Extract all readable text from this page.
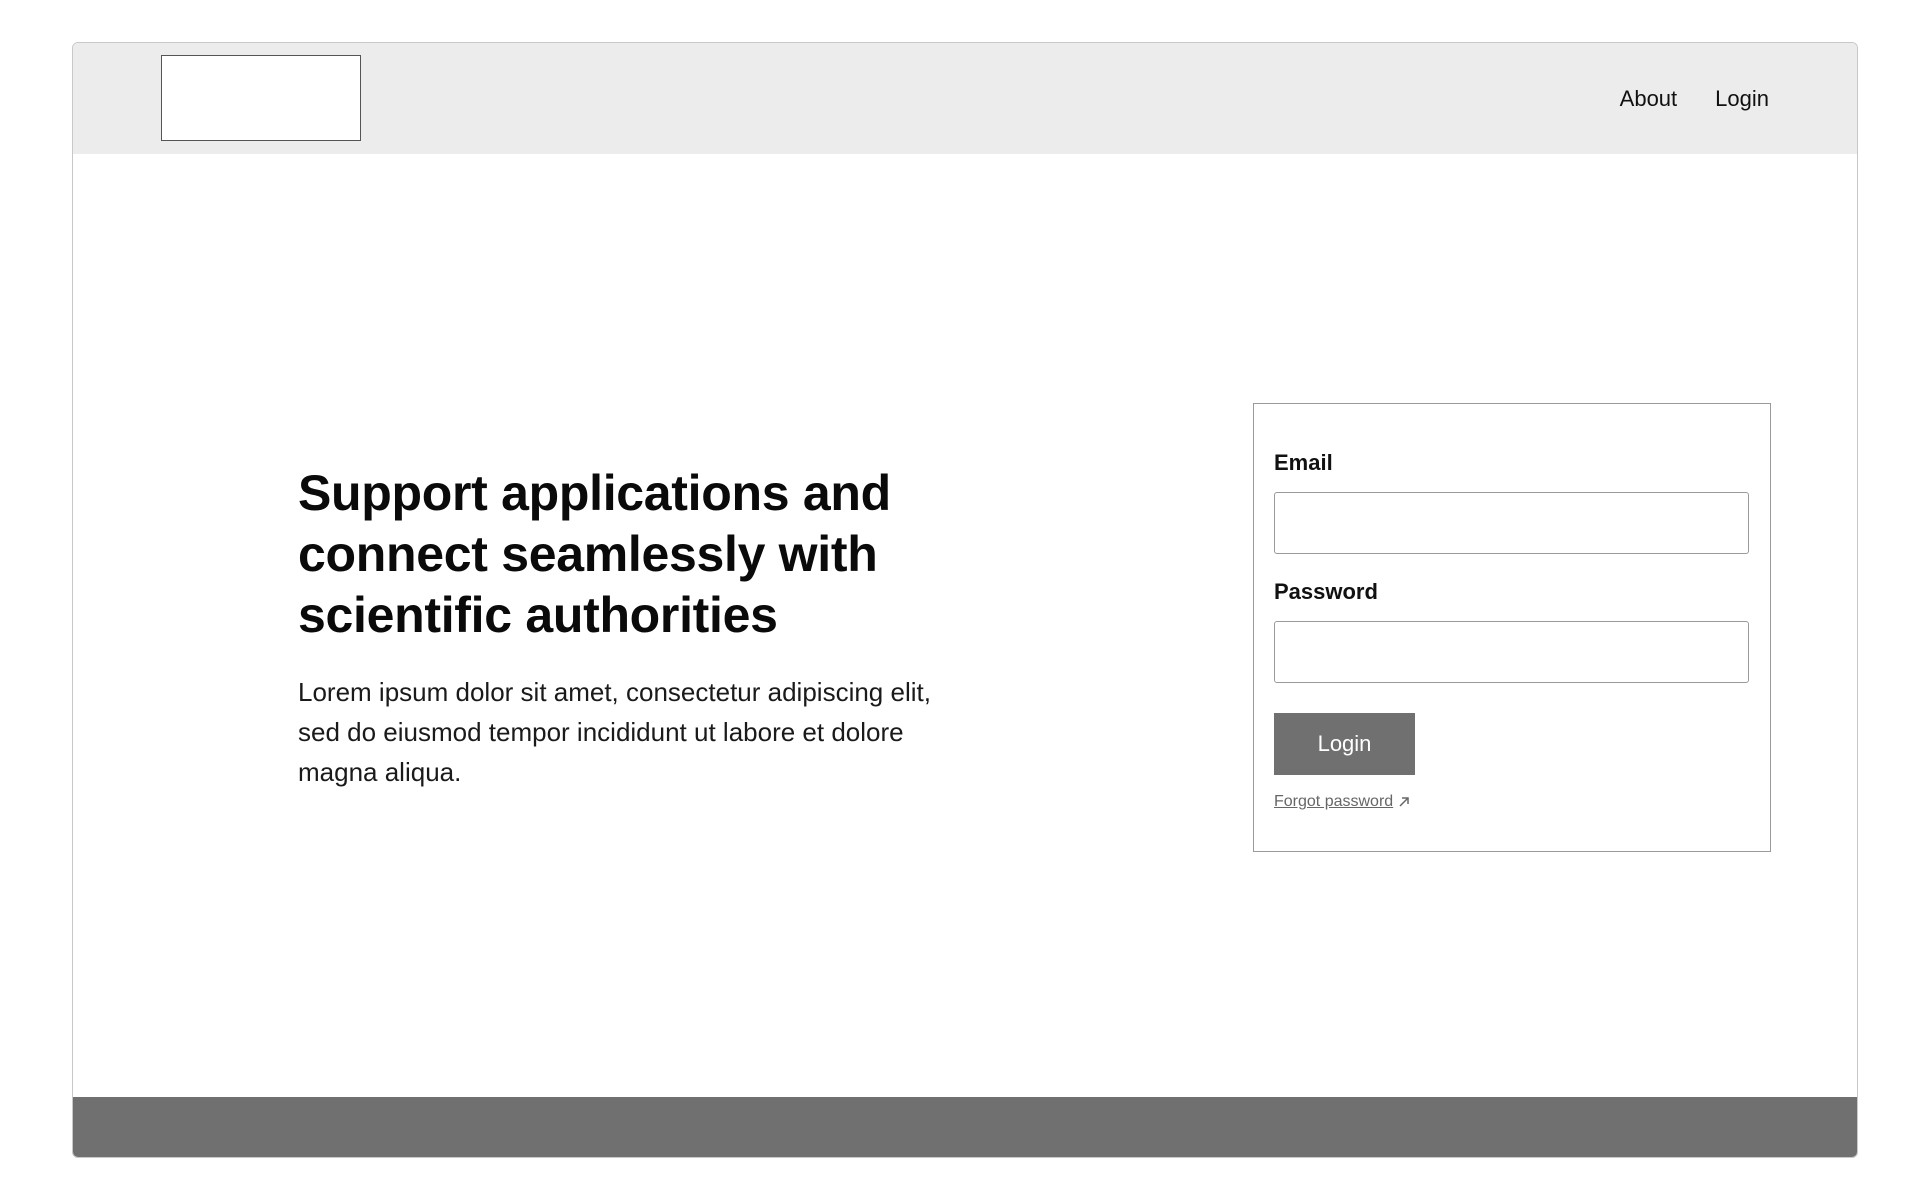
About Login
Support applications and connect seamlessly with scientific authorities

Lorem ipsum dolor sit amet, consectetur adipiscing elit, sed do eiusmod tempor incididunt ut labore et dolore magna aliqua.

Email
Password
Login
Forgot password
